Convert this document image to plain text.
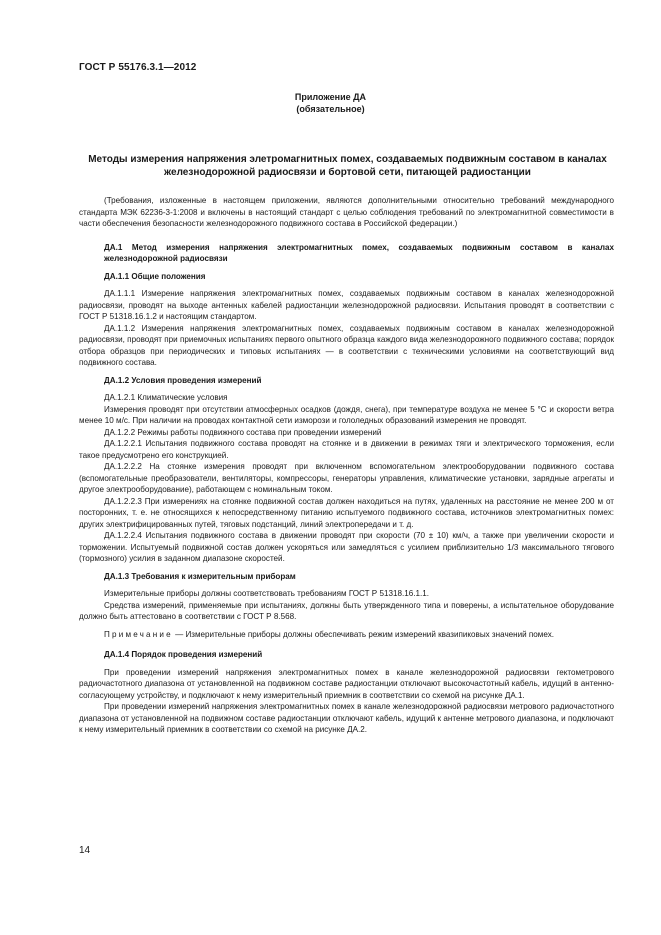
ГОСТ Р 55176.3.1—2012
Приложение ДА
(обязательное)
Методы измерения напряжения элетромагнитных помех, создаваемых подвижным составом в каналах железнодорожной радиосвязи и бортовой сети, питающей радиостанции

(Требования, изложенные в настоящем приложении, являются дополнительными относительно требований международного стандарта МЭК 62236-3-1:2008 и включены в настоящий стандарт с целью соблюдения требований по электромагнитной совместимости в части обеспечения безопасности железнодорожного подвижного состава в Российской федерации.)

ДА.1 Метод измерения напряжения электромагнитных помех, создаваемых подвижным составом в каналах железнодорожной радиосвязи

ДА.1.1 Общие положения

ДА.1.1.1 Измерение напряжения электромагнитных помех, создаваемых подвижным составом в каналах железнодорожной радиосвязи, проводят на выходе антенных кабелей радиостанции железнодорожной радиосвязи. Испытания проводят в соответствии с ГОСТ Р 51318.16.1.2 и настоящим стандартом.

ДА.1.1.2 Измерения напряжения электромагнитных помех, создаваемых подвижным составом в каналах железнодорожной радиосвязи, проводят при приемочных испытаниях первого опытного образца каждого вида железнодорожного подвижного состава; порядок отбора образцов при периодических и типовых испытаниях — в соответствии с техническими условиями на соответствующий вид подвижного состава.

ДА.1.2 Условия проведения измерений

ДА.1.2.1 Климатические условия

Измерения проводят при отсутствии атмосферных осадков (дождя, снега), при температуре воздуха не менее 5 °С и скорости ветра менее 10 м/с. При наличии на проводах контактной сети изморози и гололедных образований измерения не проводят.

ДА.1.2.2 Режимы работы подвижного состава при проведении измерений

ДА.1.2.2.1 Испытания подвижного состава проводят на стоянке и в движении в режимах тяги и электрического торможения, если такое предусмотрено его конструкцией.

ДА.1.2.2.2 На стоянке измерения проводят при включенном вспомогательном электрооборудовании подвижного состава (вспомогательные преобразователи, вентиляторы, компрессоры, генераторы управления, климатические установки, зарядные агрегаты и другое электрооборудование), работающем с номинальным током.

ДА.1.2.2.3 При измерениях на стоянке подвижной состав должен находиться на путях, удаленных на расстояние не менее 200 м от посторонних, т. е. не относящихся к непосредственному питанию испытуемого подвижного состава, источников электромагнитных помех: других электрифицированных путей, тяговых подстанций, линий электропередачи и т. д.

ДА.1.2.2.4 Испытания подвижного состава в движении проводят при скорости (70 ± 10) км/ч, а также при увеличении скорости и торможении. Испытуемый подвижной состав должен ускоряться или замедляться с усилием приблизительно 1/3 максимального тягового (тормозного) усилия в заданном диапазоне скоростей.

ДА.1.3 Требования к измерительным приборам

Измерительные приборы должны соответствовать требованиям ГОСТ Р 51318.16.1.1.

Средства измерений, применяемые при испытаниях, должны быть утвержденного типа и поверены, а испытательное оборудование должно быть аттестовано в соответствии с ГОСТ Р 8.568.

Примечание — Измерительные приборы должны обеспечивать режим измерений квазипиковых значений помех.

ДА.1.4 Порядок проведения измерений

При проведении измерений напряжения электромагнитных помех в канале железнодорожной радиосвязи гектометрового радиочастотного диапазона от установленной на подвижном составе радиостанции отключают высокочастотный кабель, идущий в антенно-согласующему устройству, и подключают к нему измерительный приемник в соответствии со схемой на рисунке ДА.1.

При проведении измерений напряжения электромагнитных помех в канале железнодорожной радиосвязи метрового радиочастотного диапазона от установленной на подвижном составе радиостанции отключают кабель, идущий к антенне метрового диапазона, и подключают к нему измерительный приемник в соответствии со схемой на рисунке ДА.2.

14
